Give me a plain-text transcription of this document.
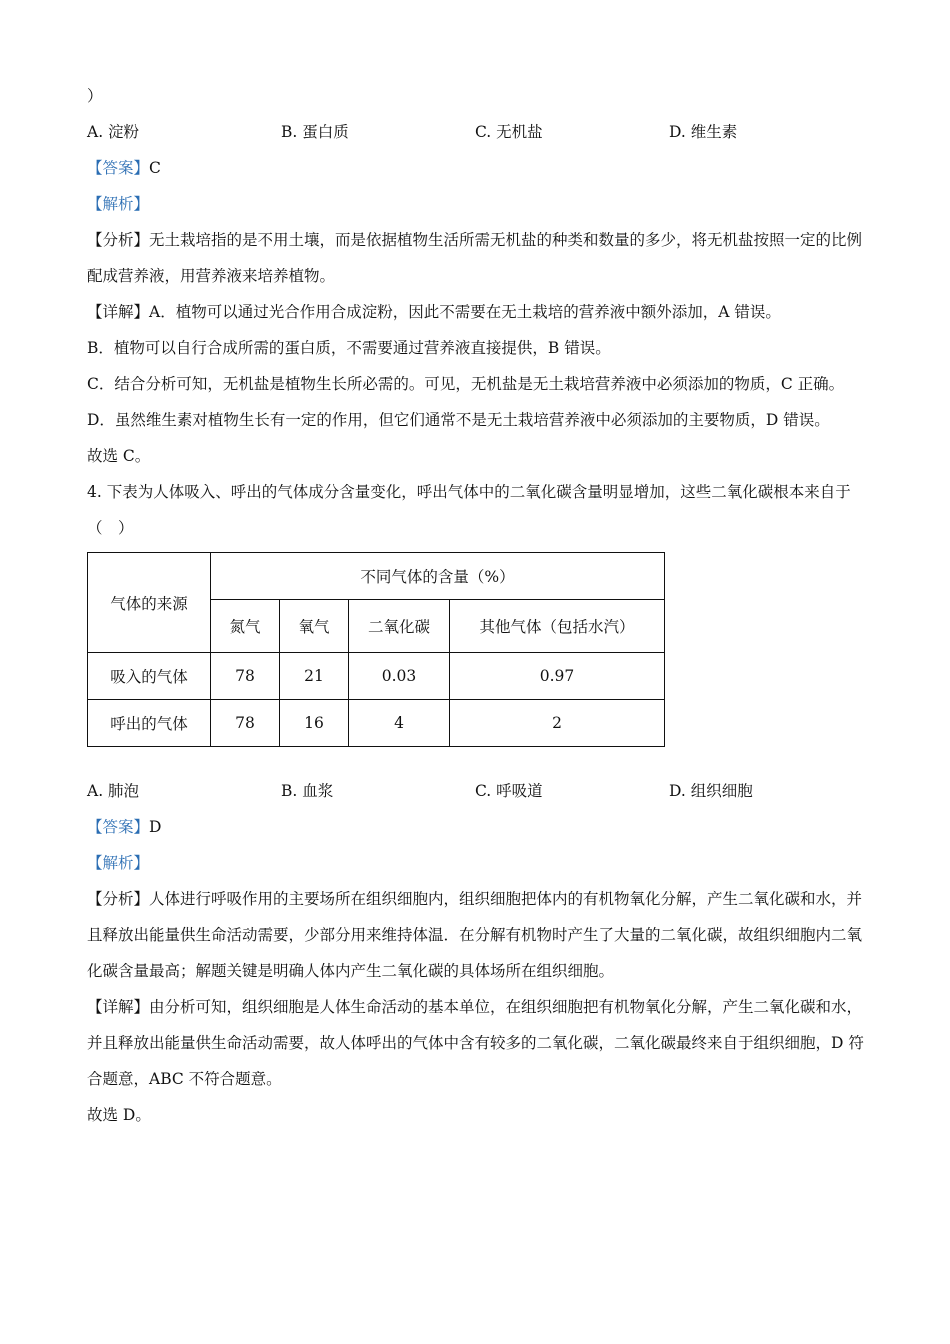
）
A. 淀粉	B. 蛋白质	C. 无机盐	D. 维生素
【答案】C
【解析】
【分析】无土栽培指的是不用土壤，而是依据植物生活所需无机盐的种类和数量的多少，将无机盐按照一定的比例配成营养液，用营养液来培养植物。
【详解】A．植物可以通过光合作用合成淀粉，因此不需要在无土栽培的营养液中额外添加，A 错误。
B．植物可以自行合成所需的蛋白质，不需要通过营养液直接提供，B 错误。
C．结合分析可知，无机盐是植物生长所必需的。可见，无机盐是无土栽培营养液中必须添加的物质，C 正确。
D．虽然维生素对植物生长有一定的作用，但它们通常不是无土栽培营养液中必须添加的主要物质，D 错误。
故选 C。
4. 下表为人体吸入、呼出的气体成分含量变化，呼出气体中的二氧化碳含量明显增加，这些二氧化碳根本来自于（　）
气体的来源	不同气体的含量（%）			
	氮气	氧气	二氧化碳	其他气体（包括水汽）
吸入的气体	78	21	0.03	0.97
呼出的气体	78	16	4	2
A. 肺泡	B. 血浆	C. 呼吸道	D. 组织细胞
【答案】D
【解析】
【分析】人体进行呼吸作用的主要场所在组织细胞内，组织细胞把体内的有机物氧化分解，产生二氧化碳和水，并且释放出能量供生命活动需要，少部分用来维持体温．在分解有机物时产生了大量的二氧化碳，故组织细胞内二氧化碳含量最高；解题关键是明确人体内产生二氧化碳的具体场所在组织细胞。
【详解】由分析可知，组织细胞是人体生命活动的基本单位，在组织细胞把有机物氧化分解，产生二氧化碳和水，并且释放出能量供生命活动需要，故人体呼出的气体中含有较多的二氧化碳，二氧化碳最终来自于组织细胞，D 符合题意，ABC 不符合题意。
故选 D。
